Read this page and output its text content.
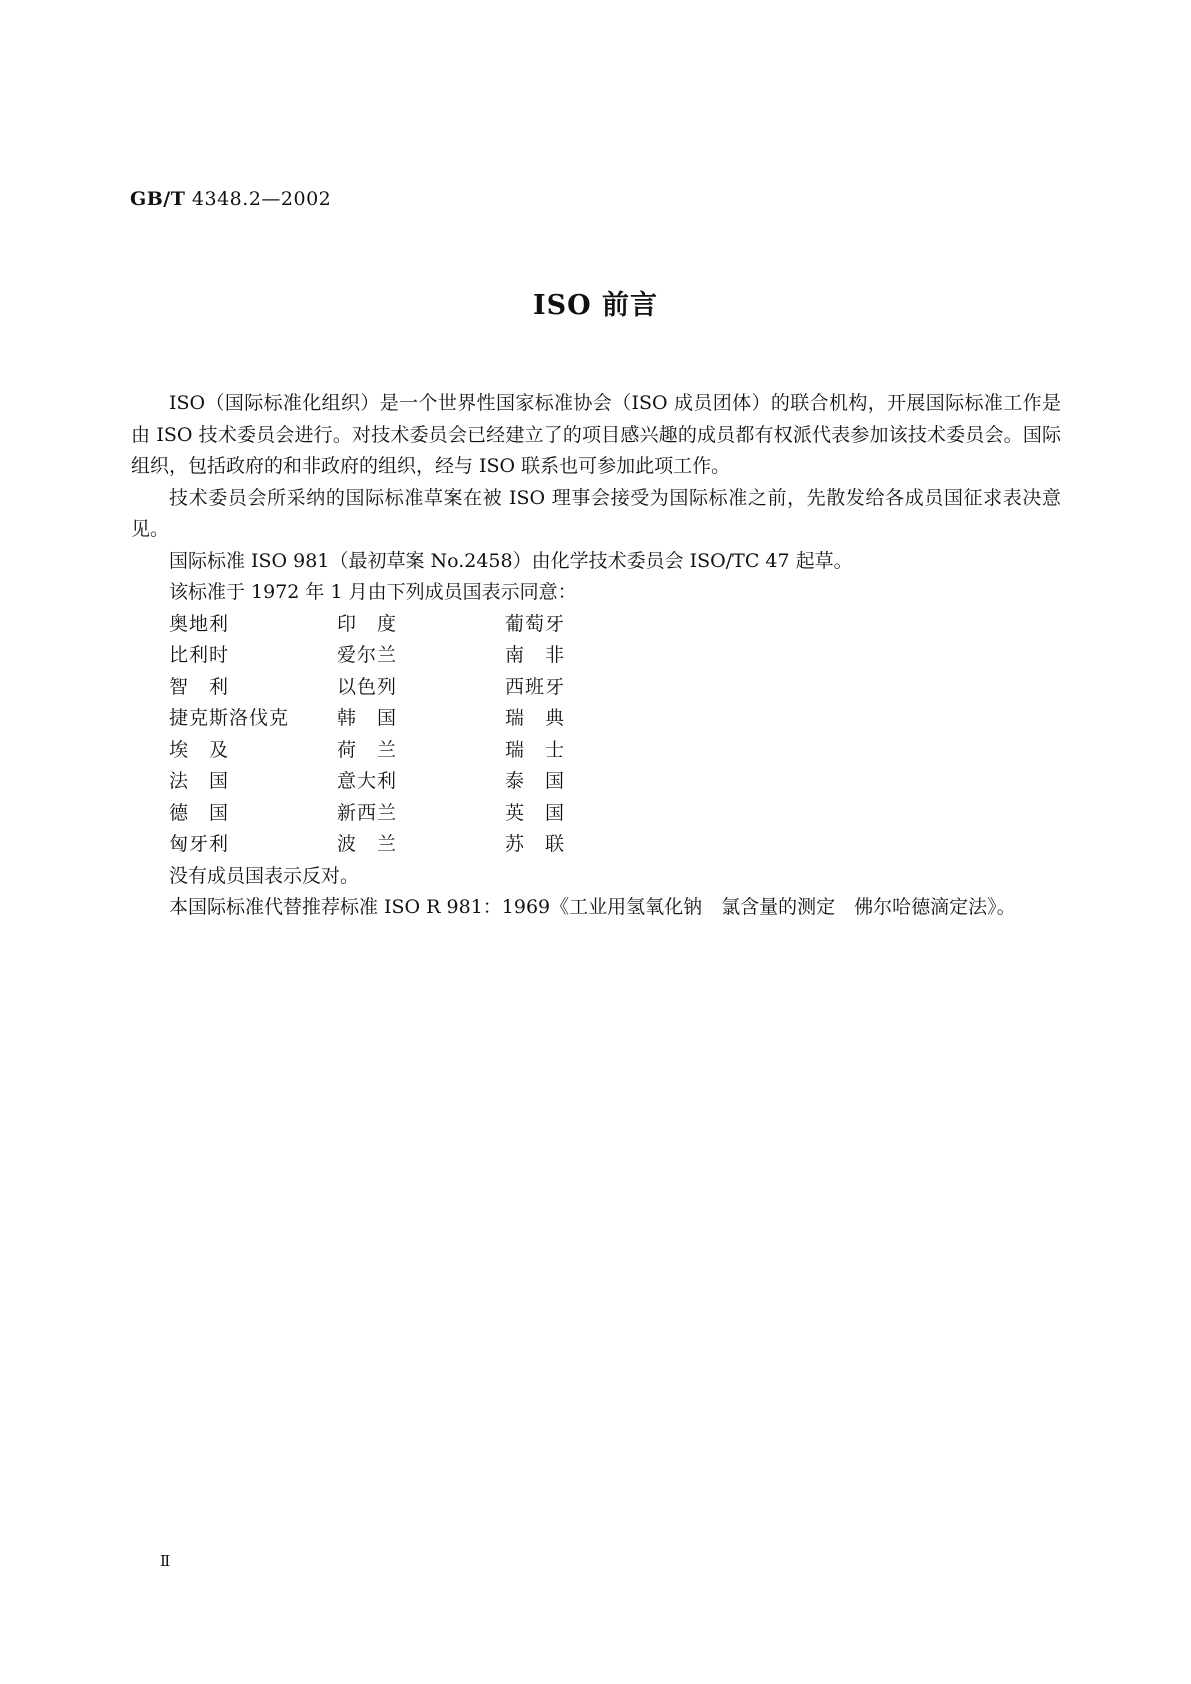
GB/T 4348.2—2002
ISO 前言

ISO（国际标准化组织）是一个世界性国家标准协会（ISO 成员团体）的联合机构，开展国际标准工作是由 ISO 技术委员会进行。对技术委员会已经建立了的项目感兴趣的成员都有权派代表参加该技术委员会。国际组织，包括政府的和非政府的组织，经与 ISO 联系也可参加此项工作。

技术委员会所采纳的国际标准草案在被 ISO 理事会接受为国际标准之前，先散发给各成员国征求表决意见。

国际标准 ISO 981（最初草案 No.2458）由化学技术委员会 ISO/TC 47 起草。

该标准于 1972 年 1 月由下列成员国表示同意：

奥地利	印　度	葡萄牙
比利时	爱尔兰	南　非
智　利	以色列	西班牙
捷克斯洛伐克	韩　国	瑞　典
埃　及	荷　兰	瑞　士
法　国	意大利	泰　国
德　国	新西兰	英　国
匈牙利	波　兰	苏　联

没有成员国表示反对。

本国际标准代替推荐标准 ISO R 981：1969《工业用氢氧化钠　氯含量的测定　佛尔哈德滴定法》。

Ⅱ
